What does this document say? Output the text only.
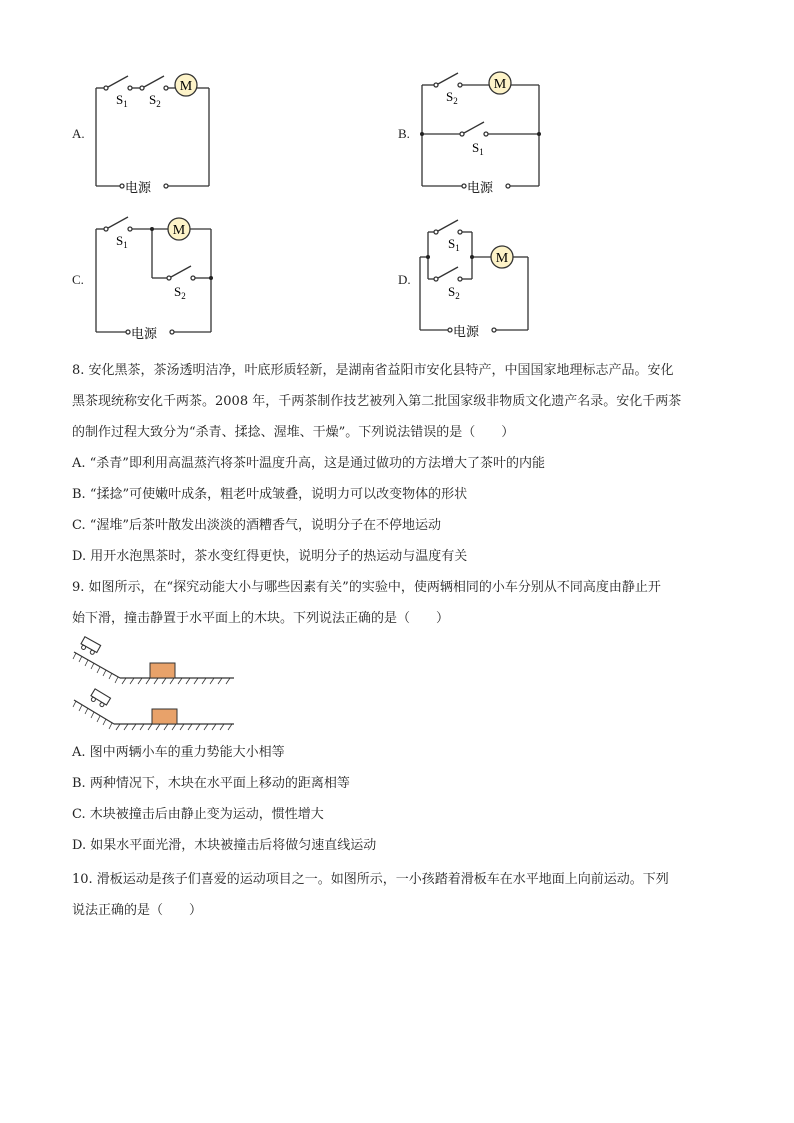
A.
M
$S_1$ $S_2$
电源
B.
M
$S_2$
$S_1$
电源
C.
M
$S_1$
$S_2$
电源
D.
M
$S_1$
$S_2$
电源
8. 安化黑茶，茶汤透明洁净，叶底形质轻新，是湖南省益阳市安化县特产，中国国家地理标志产品。安化
黑茶现统称安化千两茶。2008 年，千两茶制作技艺被列入第二批国家级非物质文化遗产名录。安化千两茶
的制作过程大致分为“杀青、揉捻、渥堆、干燥”。下列说法错误的是（　　）
A. “杀青”即利用高温蒸汽将茶叶温度升高，这是通过做功的方法增大了茶叶的内能
B. “揉捻”可使嫩叶成条，粗老叶成皱叠，说明力可以改变物体的形状
C. “渥堆”后茶叶散发出淡淡的酒糟香气，说明分子在不停地运动
D. 用开水泡黑茶时，茶水变红得更快，说明分子的热运动与温度有关
9. 如图所示，在“探究动能大小与哪些因素有关”的实验中，使两辆相同的小车分别从不同高度由静止开
始下滑，撞击静置于水平面上的木块。下列说法正确的是（　　）
A. 图中两辆小车的重力势能大小相等
B. 两种情况下，木块在水平面上移动的距离相等
C. 木块被撞击后由静止变为运动，惯性增大
D. 如果水平面光滑，木块被撞击后将做匀速直线运动
10. 滑板运动是孩子们喜爱的运动项目之一。如图所示，一小孩踏着滑板车在水平地面上向前运动。下列
说法正确的是（　　）
